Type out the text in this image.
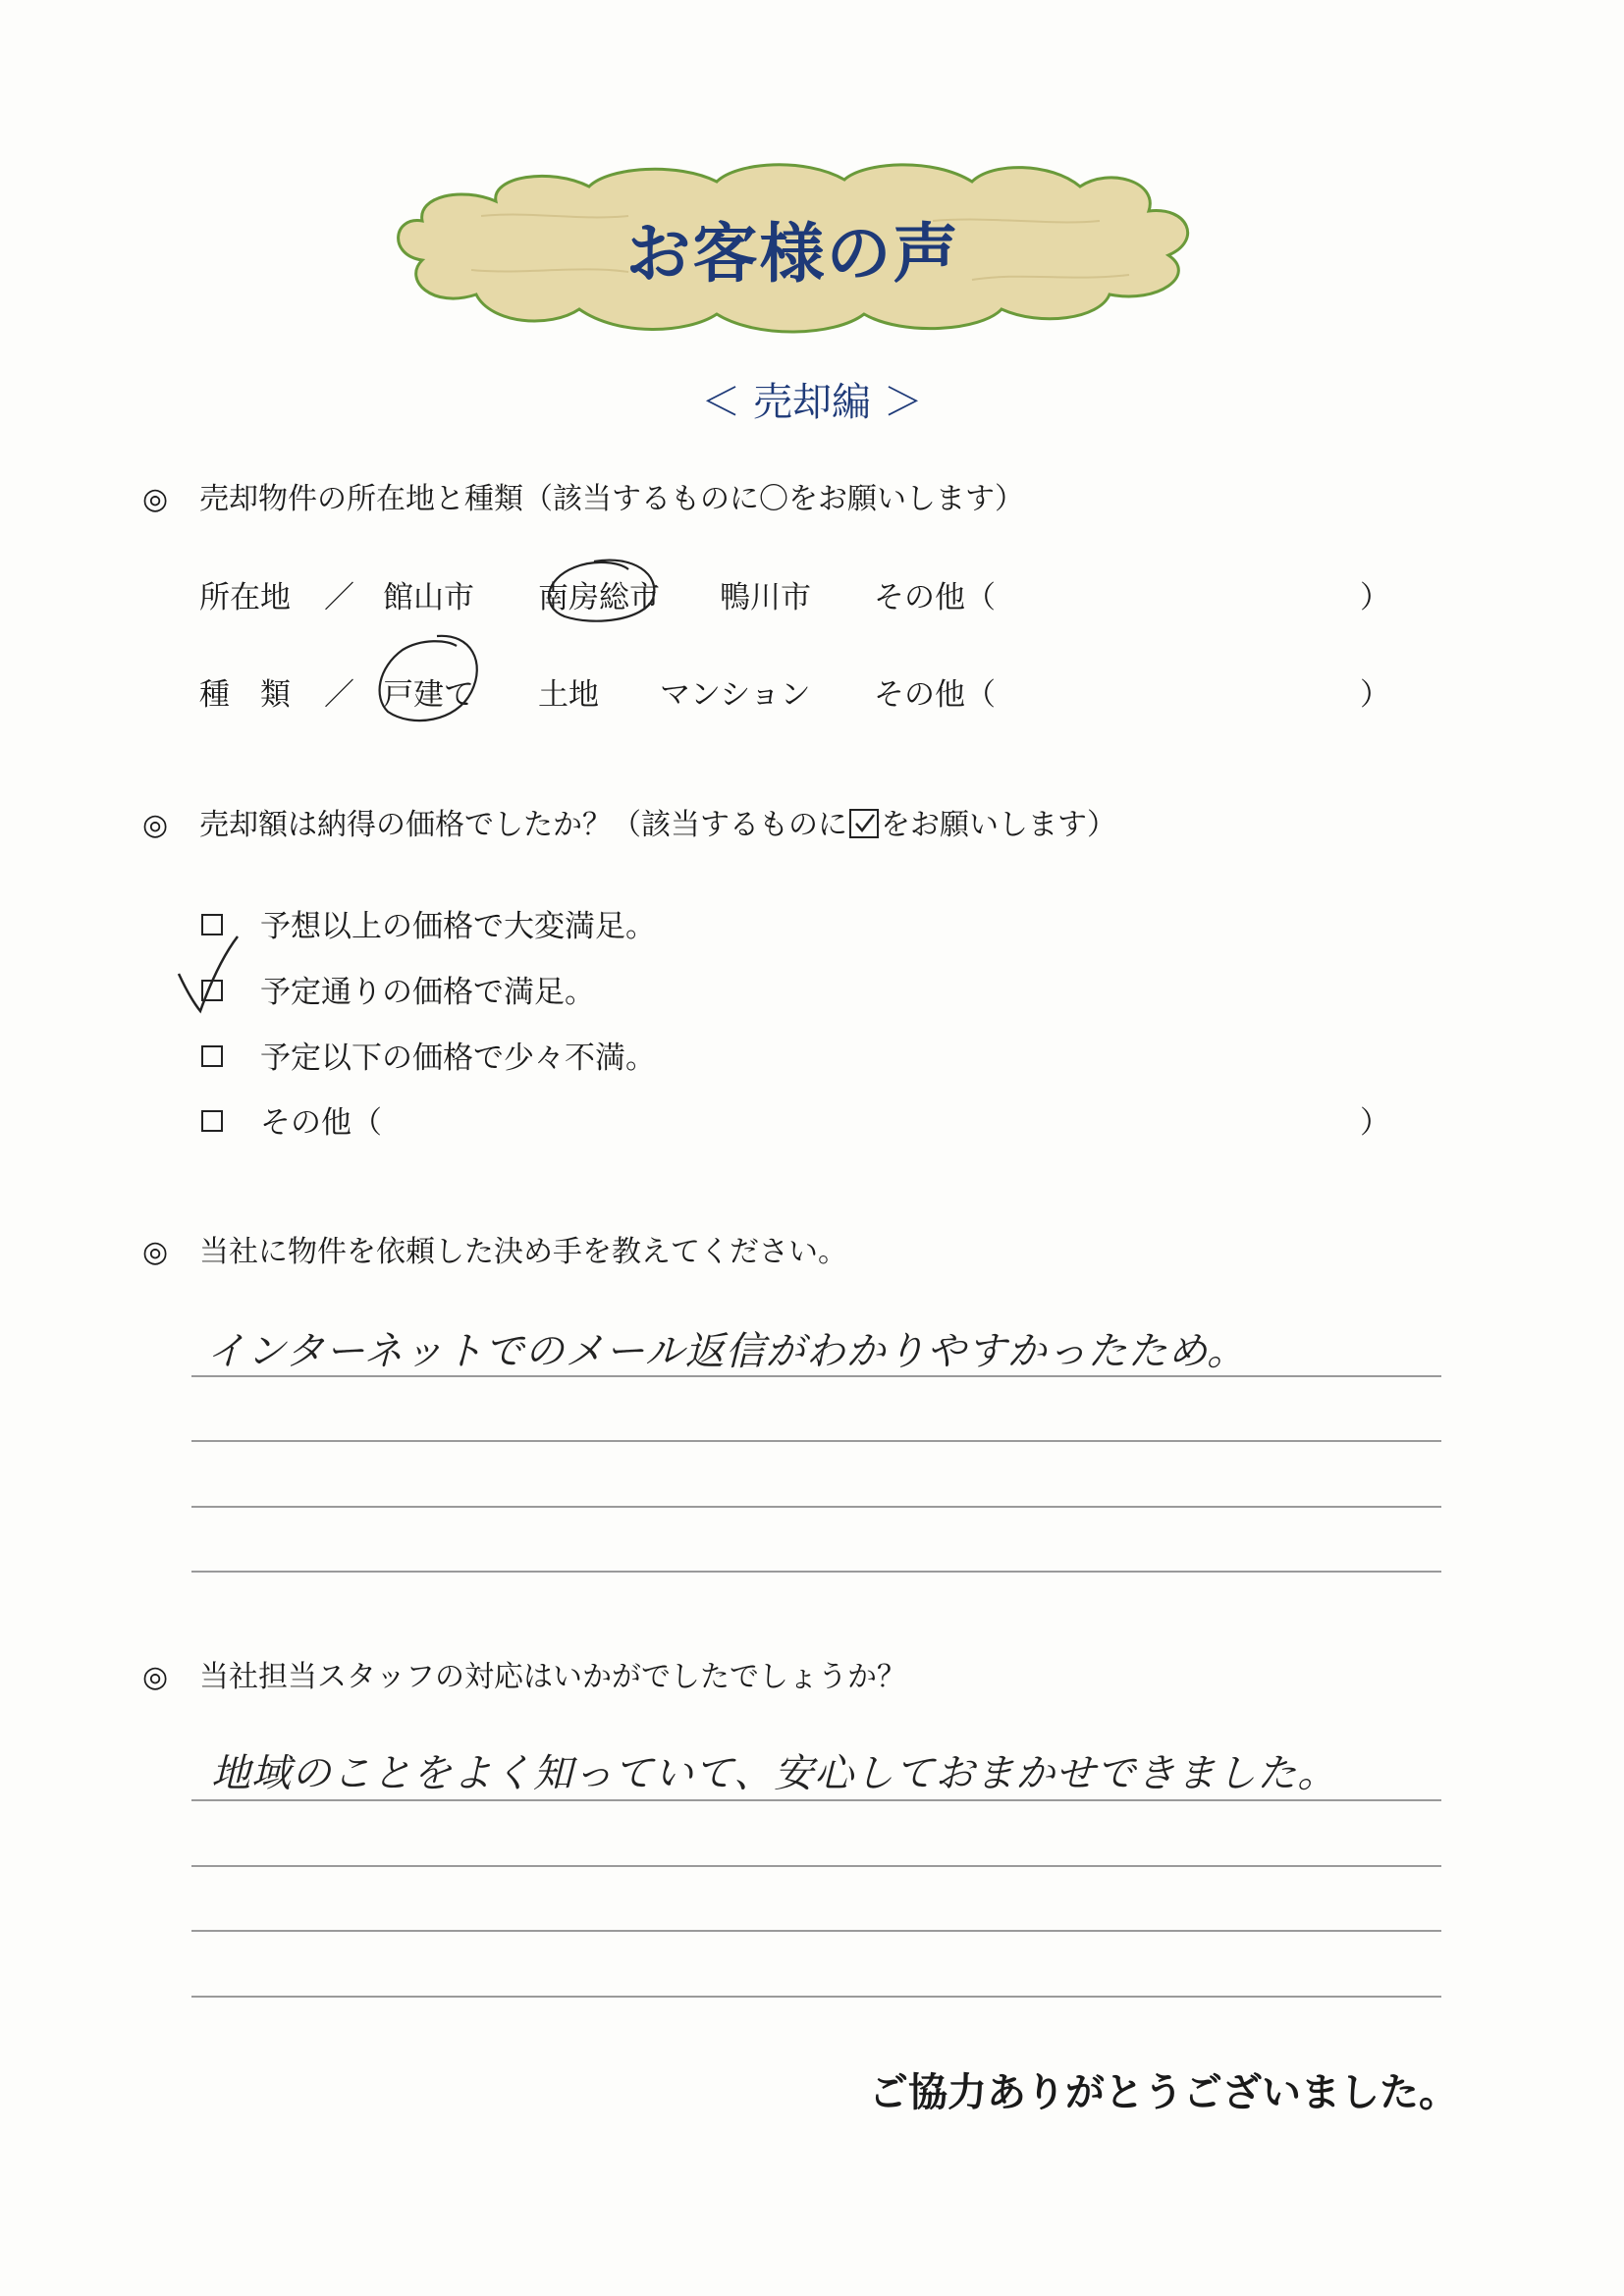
お客様の声
＜ 売却編 ＞
◎ 売却物件の所在地と種類（該当するものに〇をお願いします）
所在地 ／ 館山市 南房総市 鴨川市 その他（	）
種　類 ／ 戸建て 土地 マンション その他（	）
◎ 売却額は納得の価格でしたか？（該当するものに をお願いします）
予想以上の価格で大変満足。
予定通りの価格で満足。
予定以下の価格で少々不満。
その他（	）
◎ 当社に物件を依頼した決め手を教えてください。
インターネットでのメール返信がわかりやすかったため。
◎ 当社担当スタッフの対応はいかがでしたでしょうか？
地域のことをよく知っていて、安心しておまかせできました。
ご協力ありがとうございました。
